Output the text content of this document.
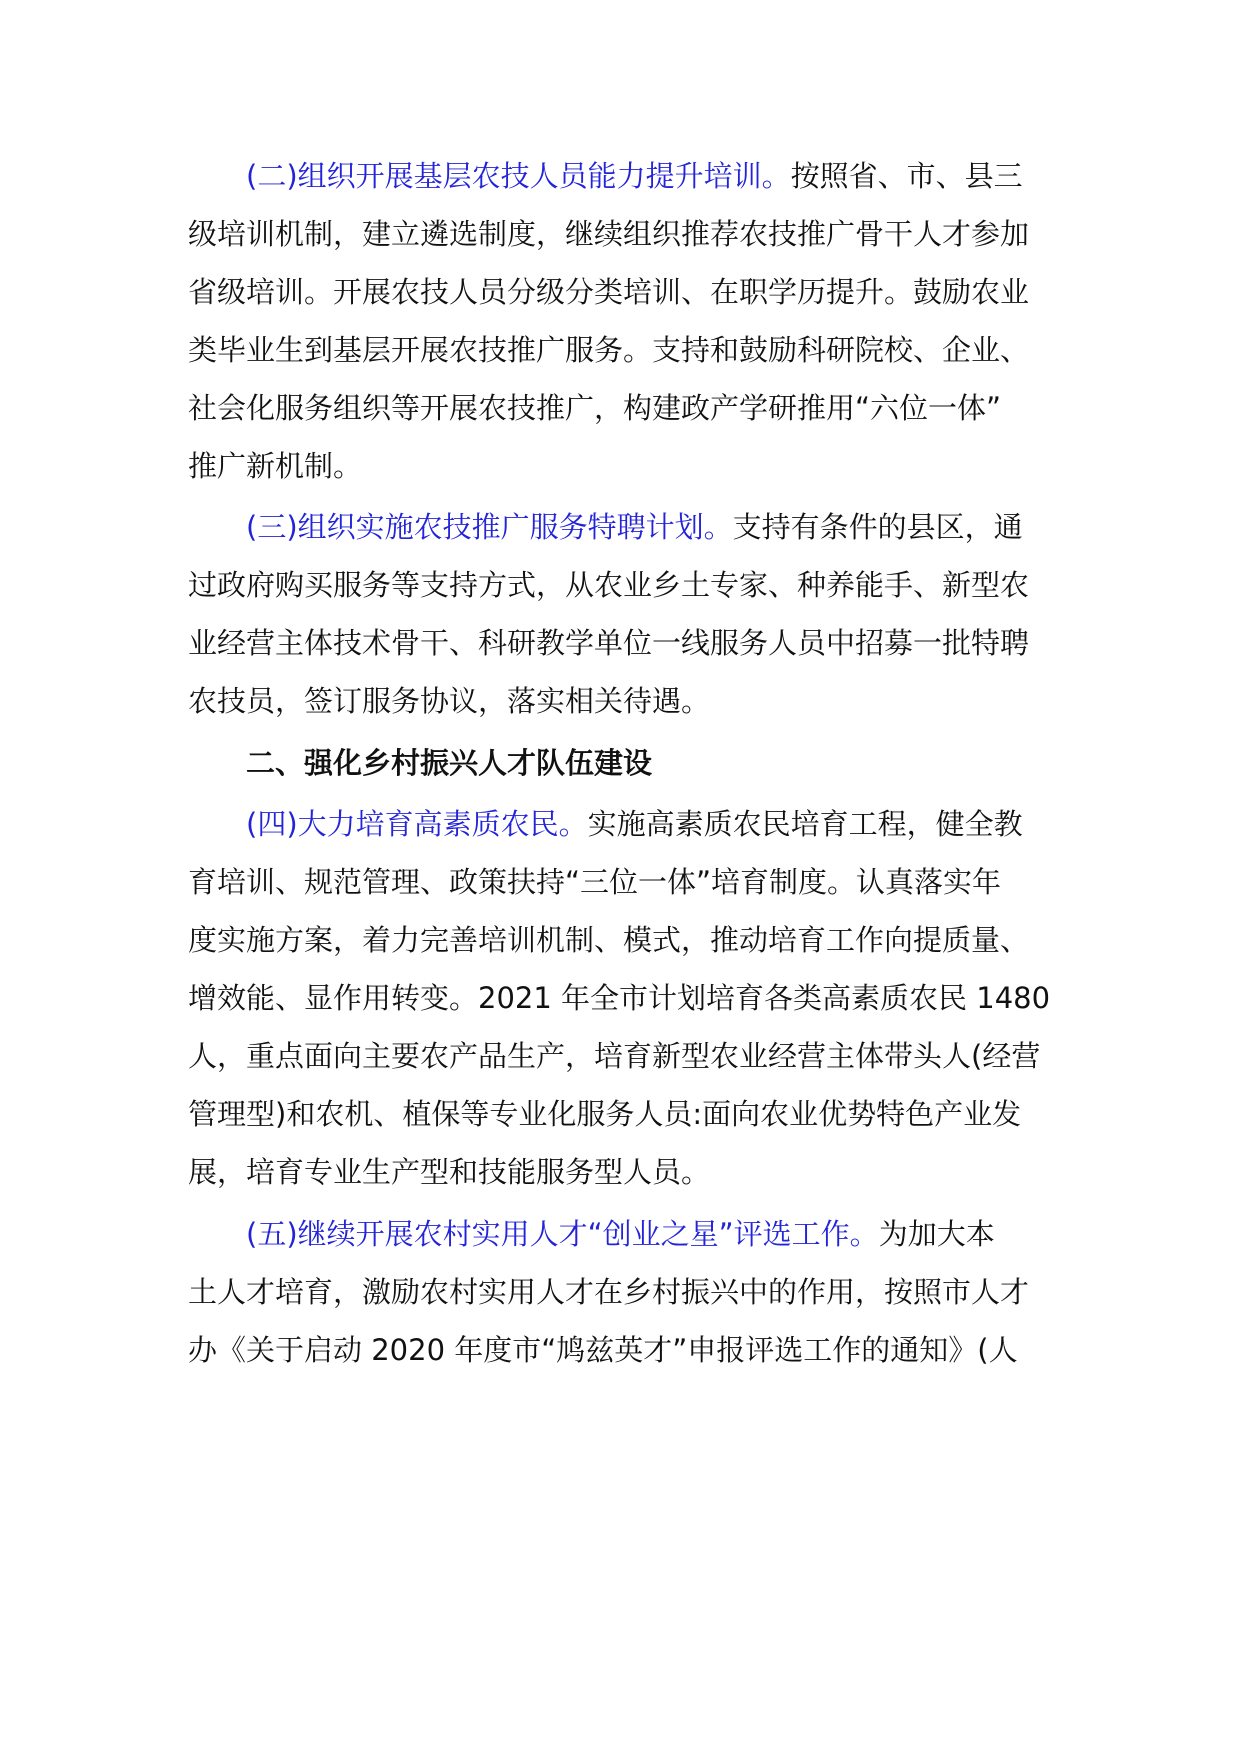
(二)组织开展基层农技人员能力提升培训。按照省、市、县三
级培训机制，建立遴选制度，继续组织推荐农技推广骨干人才参加
省级培训。开展农技人员分级分类培训、在职学历提升。鼓励农业
类毕业生到基层开展农技推广服务。支持和鼓励科研院校、企业、
社会化服务组织等开展农技推广，构建政产学研推用“六位一体”
推广新机制。
(三)组织实施农技推广服务特聘计划。支持有条件的县区，通
过政府购买服务等支持方式，从农业乡土专家、种养能手、新型农
业经营主体技术骨干、科研教学单位一线服务人员中招募一批特聘
农技员，签订服务协议，落实相关待遇。
二、强化乡村振兴人才队伍建设
(四)大力培育高素质农民。实施高素质农民培育工程，健全教
育培训、规范管理、政策扶持“三位一体”培育制度。认真落实年
度实施方案，着力完善培训机制、模式，推动培育工作向提质量、
增效能、显作用转变。2021 年全市计划培育各类高素质农民 1480
人，重点面向主要农产品生产，培育新型农业经营主体带头人(经营
管理型)和农机、植保等专业化服务人员:面向农业优势特色产业发
展，培育专业生产型和技能服务型人员。
(五)继续开展农村实用人才“创业之星”评选工作。为加大本
土人才培育，激励农村实用人才在乡村振兴中的作用，按照市人才
办《关于启动 2020 年度市“鸠兹英才”申报评选工作的通知》(人
